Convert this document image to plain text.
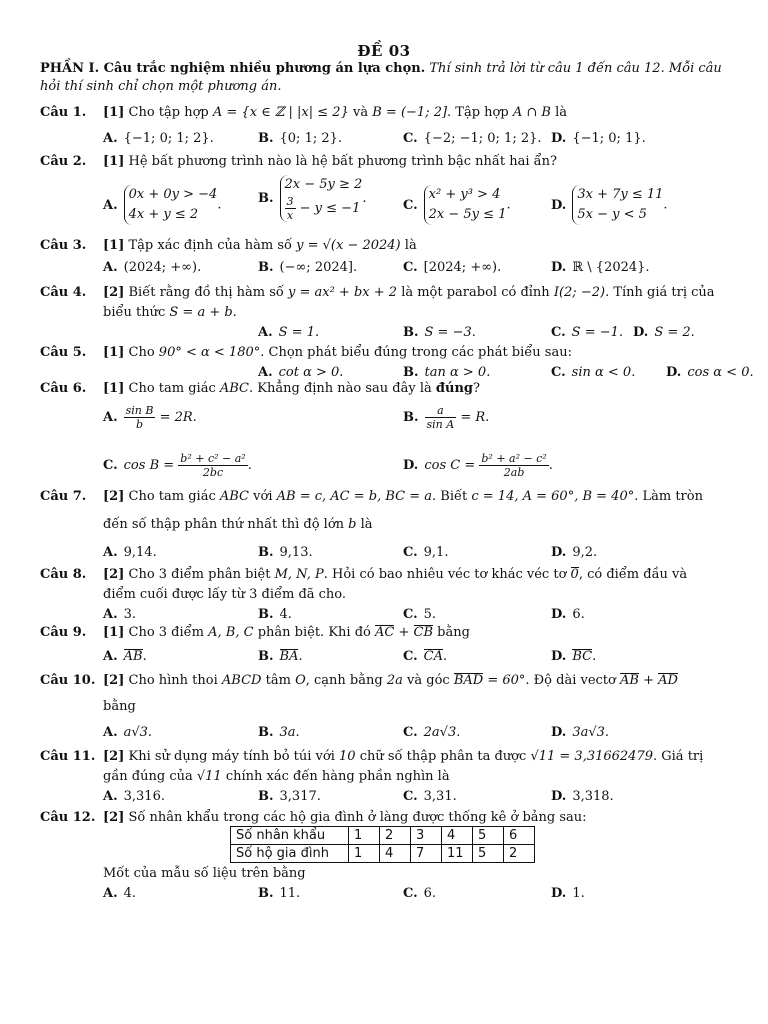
ĐỀ 03
PHẦN I. Câu trắc nghiệm nhiều phương án lựa chọn. Thí sinh trả lời từ câu 1 đến câu 12. Mỗi câu hỏi thí sinh chỉ chọn một phương án.
Câu 1. [1] Cho tập hợp A = {x ∈ ℤ | |x| ≤ 2} và B = (−1; 2]. Tập hợp A ∩ B là
A. {−1; 0; 1; 2}.	B. {0; 1; 2}.	C. {−2; −1; 0; 1; 2}. D. {−1; 0; 1}.
Câu 2. [1] Hệ bất phương trình nào là hệ bất phương trình bậc nhất hai ẩn?
A.0x + 0y > −4
4x + y ≤ 2.	B.2x − 5y ≥ 2

$\frac{3}{x} - y \le -1$.	C.x² + y³ > 4
2x − 5y ≤ 1.	D.3x + 7y ≤ 11
5x − y < 5.
Câu 3. [1] Tập xác định của hàm số y = √(x − 2024) là
A. (2024; +∞).	B. (−∞; 2024].	C. [2024; +∞).	D. ℝ \ {2024}.
Câu 4. [2] Biết rằng đồ thị hàm số y = ax² + bx + 2 là một parabol có đỉnh I(2; −2). Tính giá trị của
biểu thức S = a + b.
A. S = 1.	B. S = −3.	C. S = −1. D. S = 2.
Câu 5. [1] Cho 90° < α < 180°. Chọn phát biểu đúng trong các phát biểu sau:
A. cot α > 0.	B. tan α > 0.	C. sin α < 0. D. cos α < 0.
Câu 6. [1] Cho tam giác ABC. Khẳng định nào sau đây là đúng?
A. $\frac{\text{sin B}}{b} = 2R$.	B. $\frac{a}{\text{sin A}} = R$.
C. $\cos B = \frac{\text{b² + c² − a²}}{2bc}$ .	D. $\cos C = \frac{\text{b² + a² − c²}}{2ab}$ .
Câu 7. [2] Cho tam giác ABC với AB = c, AC = b, BC = a. Biết c = 14, A = 60°, B = 40°. Làm tròn
đến số thập phân thứ nhất thì độ lớn b là
A. 9,14.	B. 9,13.	C. 9,1.	D. 9,2.
Câu 8. [2] Cho 3 điểm phân biệt M, N, P. Hỏi có bao nhiêu véc tơ khác véc tơ 0, có điểm đầu và
điểm cuối được lấy từ 3 điểm đã cho.
A. 3.	B. 4.	C. 5.	D. 6.
Câu 9. [1] Cho 3 điểm A, B, C phân biệt. Khi đó AC + CB bằng
A. AB.	B. BA.	C. CA.	D. BC.
Câu 10. [2] Cho hình thoi ABCD tâm O, cạnh bằng 2a và góc BAD = 60°. Độ dài vectơ AB + AD
bằng
A. a√3.	B. 3a.	C. 2a√3.	D. 3a√3.
Câu 11. [2] Khi sử dụng máy tính bỏ túi với 10 chữ số thập phân ta được √11 = 3,31662479. Giá trị
gần đúng của √11 chính xác đến hàng phần nghìn là
A. 3,316.	B. 3,317.	C. 3,31.	D. 3,318.
Câu 12. [2] Số nhân khẩu trong các hộ gia đình ở làng được thống kê ở bảng sau:
Mốt của mẫu số liệu trên bằng
A. 4.	B. 11.	C. 6.	D. 1.
Số nhân khẩu	1	2	3	4	5	6
Số hộ gia đình	1	4	7	11	5	2
